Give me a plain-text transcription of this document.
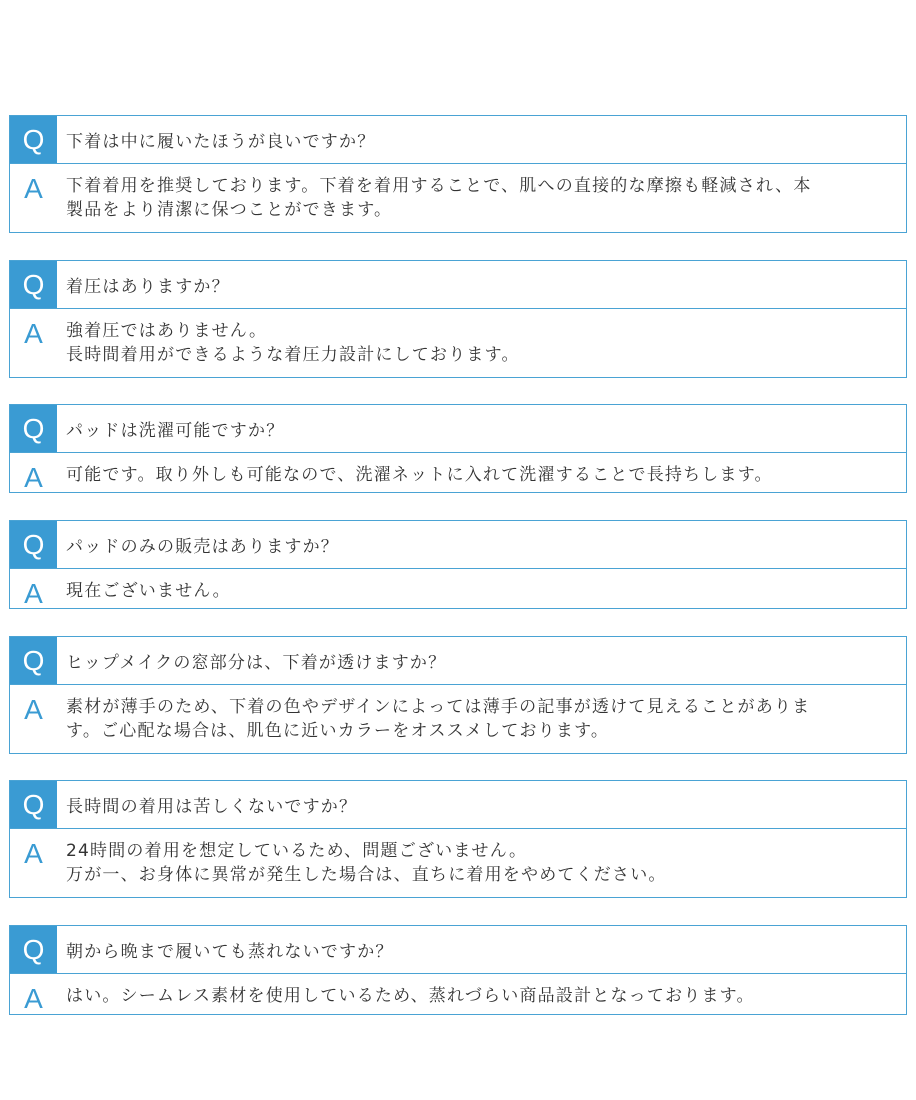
Q	下着は中に履いたほうが良いですか？
A	下着着用を推奨しております。下着を着用することで、肌への直接的な摩擦も軽減され、本
製品をより清潔に保つことができます。
Q	着圧はありますか？
A	強着圧ではありません。
長時間着用ができるような着圧力設計にしております。
Q	パッドは洗濯可能ですか？
A	可能です。取り外しも可能なので、洗濯ネットに入れて洗濯することで長持ちします。
Q	パッドのみの販売はありますか？
A	現在ございません。
Q	ヒップメイクの窓部分は、下着が透けますか？
A	素材が薄手のため、下着の色やデザインによっては薄手の記事が透けて見えることがありま
す。ご心配な場合は、肌色に近いカラーをオススメしております。
Q	長時間の着用は苦しくないですか？
A	24時間の着用を想定しているため、問題ございません。
万が一、お身体に異常が発生した場合は、直ちに着用をやめてください。
Q	朝から晩まで履いても蒸れないですか？
A	はい。シームレス素材を使用しているため、蒸れづらい商品設計となっております。
